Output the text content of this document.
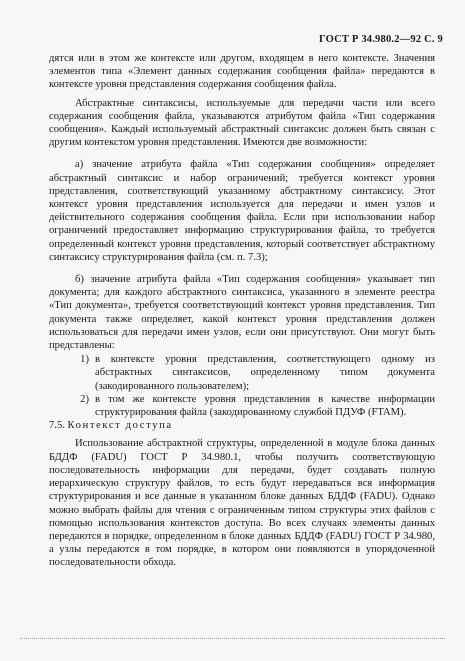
ГОСТ Р 34.980.2—92 С. 9

дятся или в этом же контексте или другом, входящем в него контексте. Значения элементов типа «Элемент данных содержания сообщения файла» передаются в контексте уровня представления содержания сообщения файла.

Абстрактные синтаксисы, используемые для передачи части или всего содержания сообщения файла, указываются атрибутом файла «Тип содержания сообщения». Каждый используемый абстрактный синтаксис должен быть связан с другим контекстом уровня представления. Имеются две возможности:

а) значение атрибута файла «Тип содержания сообщения» определяет абстрактный синтаксис и набор ограничений; требуется контекст уровня представления, соответствующий указанному абстрактному синтаксису. Этот контекст уровня представления используется для передачи и имен узлов и действительного содержания сообщения файла. Если при использовании набор ограничений предоставляет информацию структурирования файла, то требуется определенный контекст уровня представления, который соответствует абстрактному синтаксису структурирования файла (см. п. 7.3);

б) значение атрибута файла «Тип содержания сообщения» указывает тип документа; для каждого абстрактного синтаксиса, указанного в элементе реестра «Тип документа», требуется соответствующий контекст уровня представления. Тип документа также определяет, какой контекст уровня представления должен использоваться для передачи имен узлов, если они присутствуют. Они могут быть представлены:

1) в контексте уровня представления, соответствующего одному из абстрактных синтаксисов, определенному типом документа (закодированного пользователем);
2) в том же контексте уровня представления в качестве информации структурирования файла (закодированному службой ПДУФ (FTAM).

7.5. Контекст доступа

Использование абстрактной структуры, определенной в модуле блока данных БДДФ (FADU) ГОСТ Р 34.980.1, чтобы получить соответствующую последовательность информации для передачи, будет создавать полную иерархическую структуру файлов, то есть будут передаваться вся информация структурирования и все данные в указанном блоке данных БДДФ (FADU). Однако можно выбрать файлы для чтения с ограниченным типом структуры этих файлов с помощью использования контекстов доступа. Во всех случаях элементы данных передаются в порядке, определенном в блоке данных БДДФ (FADU) ГОСТ Р 34.980, а узлы передаются в том порядке, в котором они появляются в упорядоченной последовательности обхода.
